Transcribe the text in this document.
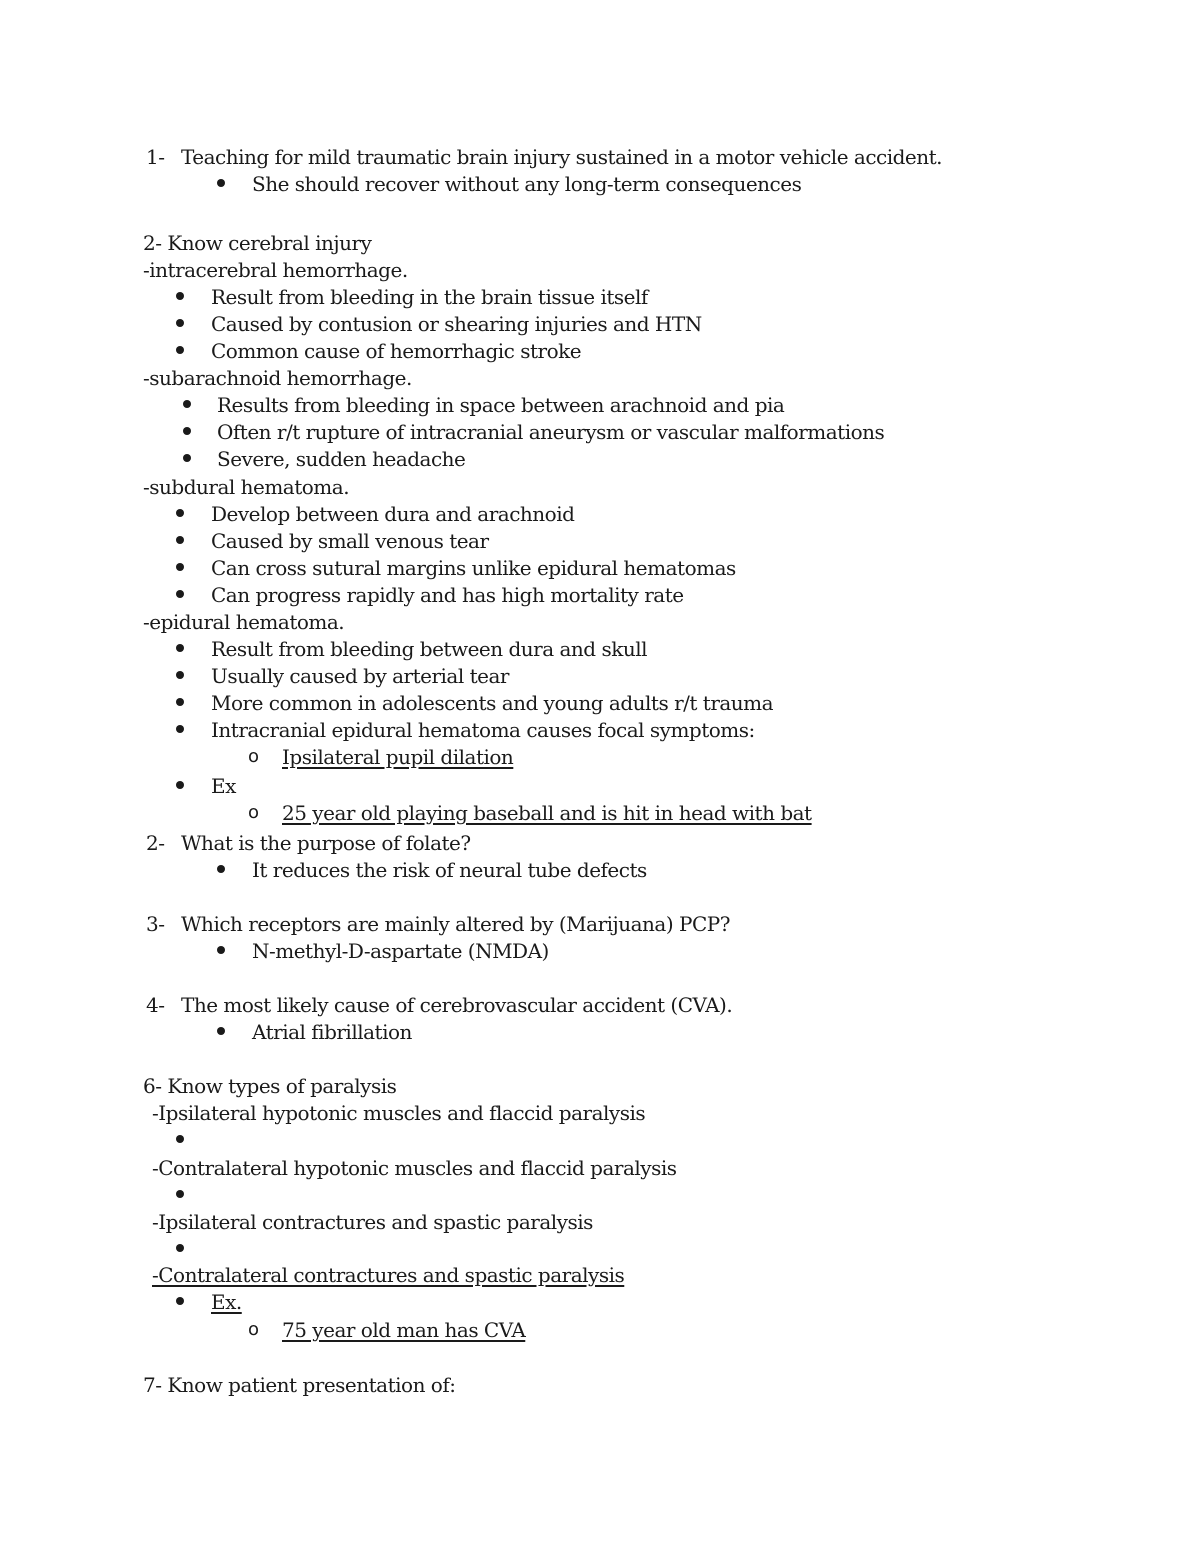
1- Teaching for mild traumatic brain injury sustained in a motor vehicle accident.
She should recover without any long-term consequences
2- Know cerebral injury
-intracerebral hemorrhage.
Result from bleeding in the brain tissue itself
Caused by contusion or shearing injuries and HTN
Common cause of hemorrhagic stroke
-subarachnoid hemorrhage.
Results from bleeding in space between arachnoid and pia
Often r/t rupture of intracranial aneurysm or vascular malformations
Severe, sudden headache
-subdural hematoma.
Develop between dura and arachnoid
Caused by small venous tear
Can cross sutural margins unlike epidural hematomas
Can progress rapidly and has high mortality rate
-epidural hematoma.
Result from bleeding between dura and skull
Usually caused by arterial tear
More common in adolescents and young adults r/t trauma
Intracranial epidural hematoma causes focal symptoms:
o Ipsilateral pupil dilation
Ex
o 25 year old playing baseball and is hit in head with bat
2- What is the purpose of folate?
It reduces the risk of neural tube defects
3- Which receptors are mainly altered by (Marijuana) PCP?
N-methyl-D-aspartate (NMDA)
4- The most likely cause of cerebrovascular accident (CVA).
Atrial fibrillation
6- Know types of paralysis
-Ipsilateral hypotonic muscles and flaccid paralysis
-Contralateral hypotonic muscles and flaccid paralysis
-Ipsilateral contractures and spastic paralysis
-Contralateral contractures and spastic paralysis
Ex.
o 75 year old man has CVA
7- Know patient presentation of:
